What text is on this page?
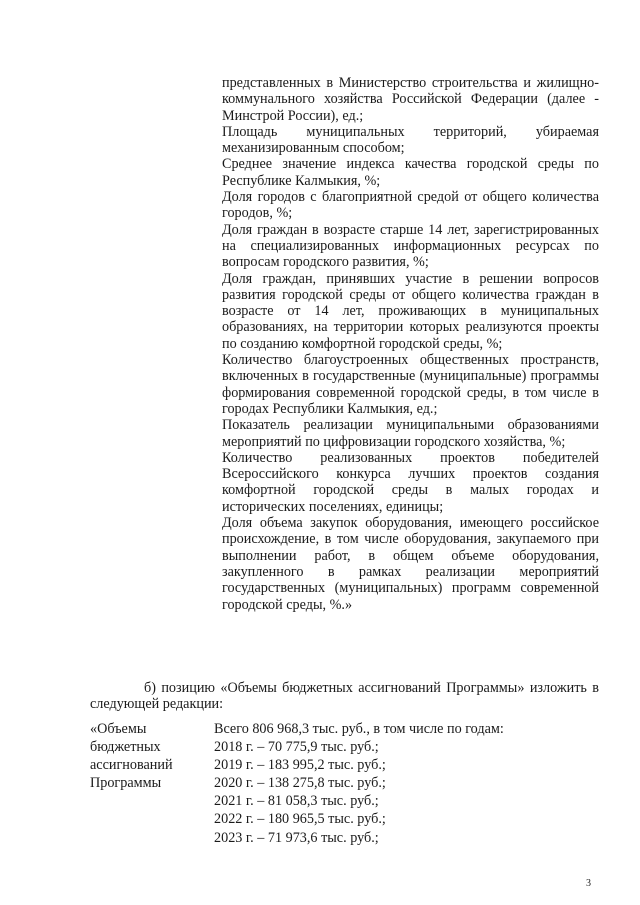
представленных в Министерство строительства и жилищно-коммунального хозяйства Российской Федерации (далее - Минстрой России), ед.;

Площадь муниципальных территорий, убираемая механизированным способом;

Среднее значение индекса качества городской среды по Республике Калмыкия, %;

Доля городов с благоприятной средой от общего количества городов, %;

Доля граждан в возрасте старше 14 лет, зарегистрированных на специализированных информационных ресурсах по вопросам городского развития, %;

Доля граждан, принявших участие в решении вопросов развития городской среды от общего количества граждан в возрасте от 14 лет, проживающих в муниципальных образованиях, на территории которых реализуются проекты по созданию комфортной городской среды, %;

Количество благоустроенных общественных пространств, включенных в государственные (муниципальные) программы формирования современной городской среды, в том числе в городах Республики Калмыкия, ед.;

Показатель реализации муниципальными образованиями мероприятий по цифровизации городского хозяйства, %;

Количество реализованных проектов победителей Всероссийского конкурса лучших проектов создания комфортной городской среды в малых городах и исторических поселениях, единицы;

Доля объема закупок оборудования, имеющего российское происхождение, в том числе оборудования, закупаемого при выполнении работ, в общем объеме оборудования, закупленного в рамках реализации мероприятий государственных (муниципальных) программ современной городской среды, %.»

б) позицию «Объемы бюджетных ассигнований Программы» изложить в следующей редакции:

«Объемы
бюджетных
ассигнований
Программы
Всего 806 968,3 тыс. руб., в том числе по годам:
2018 г. – 70 775,9 тыс. руб.;
2019 г. – 183 995,2 тыс. руб.;
2020 г. – 138 275,8 тыс. руб.;
2021 г. – 81 058,3 тыс. руб.;
2022 г. – 180 965,5 тыс. руб.;
2023 г. – 71 973,6 тыс. руб.;
3
